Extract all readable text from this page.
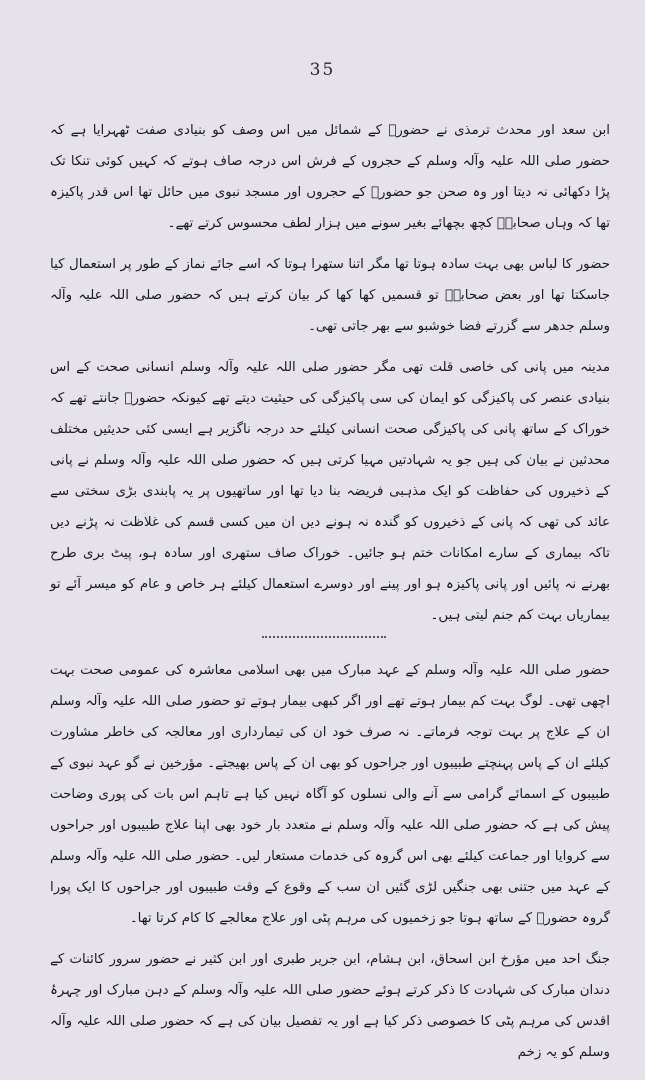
35

ابن سعد اور محدث ترمذی نے حضورؐ کے شمائل میں اس وصف کو بنیادی صفت ٹھہرایا ہے کہ حضور صلی اللہ علیہ وآلہ وسلم کے حجروں کے فرش اس درجہ صاف ہوتے کہ کہیں کوئی تنکا تک پڑا دکھائی نہ دیتا اور وہ صحن جو حضورؐ کے حجروں اور مسجد نبوی میں حائل تھا اس قدر پاکیزہ تھا کہ وہاں صحابہؓ کچھ بچھائے بغیر سونے میں ہزار لطف محسوس کرتے تھے۔

حضور کا لباس بھی بہت سادہ ہوتا تھا مگر اتنا ستھرا ہوتا کہ اسے جائے نماز کے طور پر استعمال کیا جاسکتا تھا اور بعض صحابہؓ تو قسمیں کھا کھا کر بیان کرتے ہیں کہ حضور صلی اللہ علیہ وآلہ وسلم جدھر سے گزرتے فضا خوشبو سے بھر جاتی تھی۔

مدینہ میں پانی کی خاصی قلت تھی مگر حضور صلی اللہ علیہ وآلہ وسلم انسانی صحت کے اس بنیادی عنصر کی پاکیزگی کو ایمان کی سی پاکیزگی کی حیثیت دیتے تھے کیونکہ حضورؐ جانتے تھے کہ خوراک کے ساتھ پانی کی پاکیزگی صحت انسانی کیلئے حد درجہ ناگزیر ہے ایسی کئی حدیثیں مختلف محدثین نے بیان کی ہیں جو یہ شہادتیں مہیا کرتی ہیں کہ حضور صلی اللہ علیہ وآلہ وسلم نے پانی کے ذخیروں کی حفاظت کو ایک مذہبی فریضہ بنا دیا تھا اور ساتھیوں پر یہ پابندی بڑی سختی سے عائد کی تھی کہ پانی کے ذخیروں کو گندہ نہ ہونے دیں ان میں کسی قسم کی غلاظت نہ پڑنے دیں تاکہ بیماری کے سارے امکانات ختم ہو جائیں۔ خوراک صاف ستھری اور سادہ ہو، پیٹ بری طرح بھرنے نہ پائیں اور پانی پاکیزہ ہو اور پینے اور دوسرے استعمال کیلئے ہر خاص و عام کو میسر آئے تو بیماریاں بہت کم جنم لیتی ہیں۔

حضور صلی اللہ علیہ وآلہ وسلم کے عہد مبارک میں بھی اسلامی معاشرہ کی عمومی صحت بہت اچھی تھی۔ لوگ بہت کم بیمار ہوتے تھے اور اگر کبھی بیمار ہوتے تو حضور صلی اللہ علیہ وآلہ وسلم ان کے علاج پر بہت توجہ فرماتے۔ نہ صرف خود ان کی تیمارداری اور معالجہ کی خاطر مشاورت کیلئے ان کے پاس پہنچتے طبیبوں اور جراحوں کو بھی ان کے پاس بھیجتے۔ مؤرخین نے گو عہد نبوی کے طبیبوں کے اسمائے گرامی سے آنے والی نسلوں کو آگاہ نہیں کیا ہے تاہم اس بات کی پوری وضاحت پیش کی ہے کہ حضور صلی اللہ علیہ وآلہ وسلم نے متعدد بار خود بھی اپنا علاج طبیبوں اور جراحوں سے کروایا اور جماعت کیلئے بھی اس گروہ کی خدمات مستعار لیں۔ حضور صلی اللہ علیہ وآلہ وسلم کے عہد میں جتنی بھی جنگیں لڑی گئیں ان سب کے وقوع کے وقت طبیبوں اور جراحوں کا ایک پورا گروہ حضورؐ کے ساتھ ہوتا جو زخمیوں کی مرہم پٹی اور علاج معالجے کا کام کرتا تھا۔

جنگ احد میں مؤرخ ابن اسحاق، ابن ہشام، ابن جریر طبری اور ابن کثیر نے حضور سرور کائنات کے دندان مبارک کی شہادت کا ذکر کرتے ہوئے حضور صلی اللہ علیہ وآلہ وسلم کے دہن مبارک اور چہرۂ اقدس کی مرہم پٹی کا خصوصی ذکر کیا ہے اور یہ تفصیل بیان کی ہے کہ حضور صلی اللہ علیہ وآلہ وسلم کو یہ زخم
